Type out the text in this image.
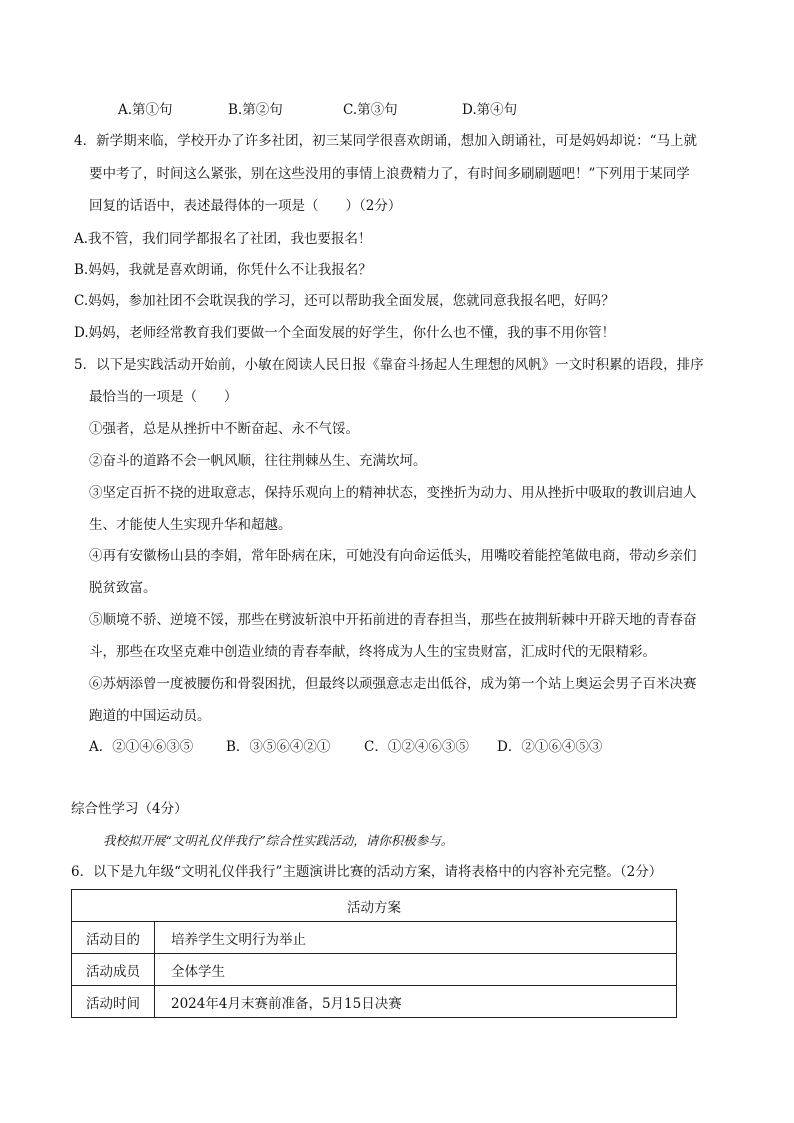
A.第①句	B.第②句	C.第③句	D.第④句
4．新学期来临，学校开办了许多社团，初三某同学很喜欢朗诵，想加入朗诵社，可是妈妈却说：“马上就
要中考了，时间这么紧张，别在这些没用的事情上浪费精力了，有时间多刷刷题吧！”下列用于某同学
回复的话语中，表述最得体的一项是（　　）（2分）
A.我不管，我们同学都报名了社团，我也要报名！
B.妈妈，我就是喜欢朗诵，你凭什么不让我报名？
C.妈妈，参加社团不会耽误我的学习，还可以帮助我全面发展，您就同意我报名吧，好吗？
D.妈妈，老师经常教育我们要做一个全面发展的好学生，你什么也不懂，我的事不用你管！
5．以下是实践活动开始前，小敏在阅读人民日报《靠奋斗扬起人生理想的风帆》一文时积累的语段，排序
最恰当的一项是（　　）
①强者，总是从挫折中不断奋起、永不气馁。
②奋斗的道路不会一帆风顺，往往荆棘丛生、充满坎坷。
③坚定百折不挠的进取意志，保持乐观向上的精神状态，变挫折为动力、用从挫折中吸取的教训启迪人
生、才能使人生实现升华和超越。
④再有安徽杨山县的李娟，常年卧病在床，可她没有向命运低头，用嘴咬着能控笔做电商，带动乡亲们
脱贫致富。
⑤顺境不骄、逆境不馁，那些在劈波斩浪中开拓前进的青春担当，那些在披荆斩棘中开辟天地的青春奋
斗，那些在攻坚克难中创造业绩的青春奉献，终将成为人生的宝贵财富，汇成时代的无限精彩。
⑥苏炳添曾一度被腰伤和骨裂困扰，但最终以顽强意志走出低谷，成为第一个站上奥运会男子百米决赛
跑道的中国运动员。
A．②①④⑥③⑤ B．③⑤⑥④②① C．①②④⑥③⑤ D．②①⑥④⑤③
综合性学习（4分）
我校拟开展“文明礼仪伴我行”综合性实践活动，请你积极参与。
6．以下是九年级“文明礼仪伴我行”主题演讲比赛的活动方案，请将表格中的内容补充完整。（2分）
活动方案	
活动目的	培养学生文明行为举止
活动成员	全体学生
活动时间	2024年4月末赛前准备，5月15日决赛
